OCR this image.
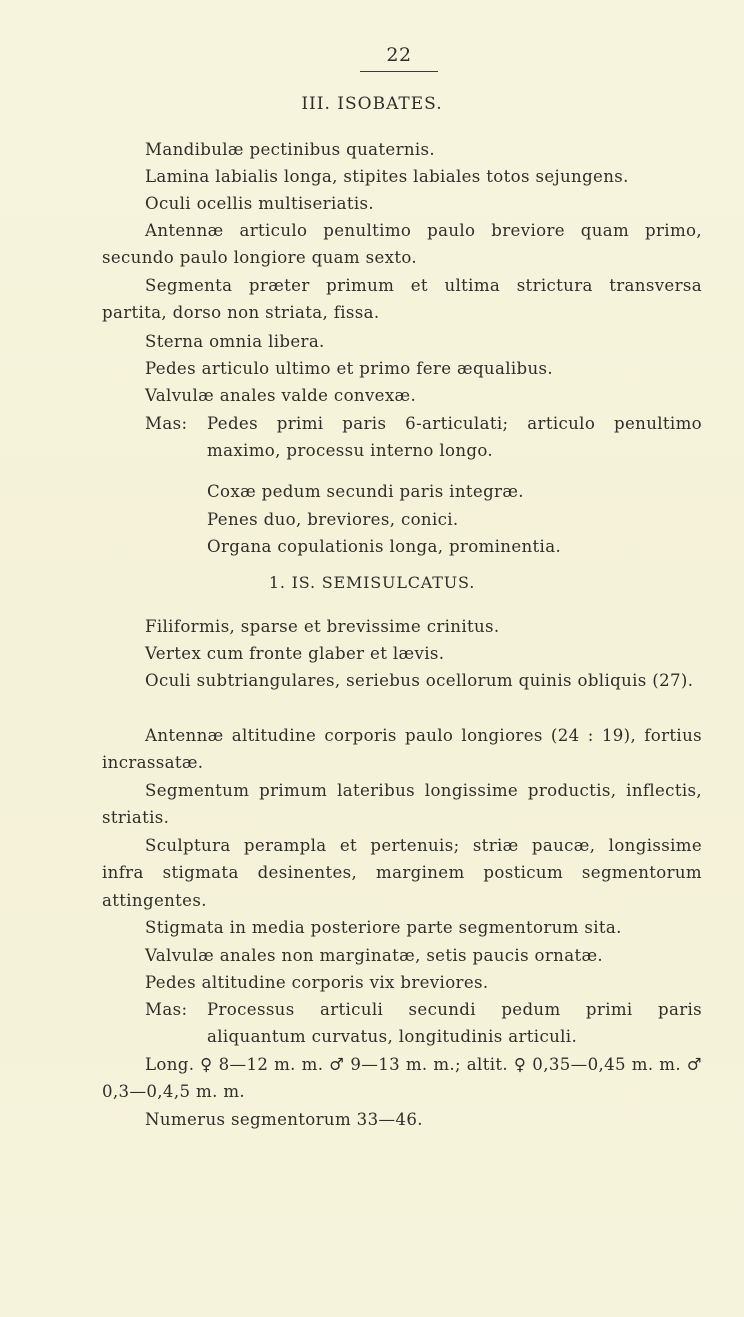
22
III. ISOBATES.

Mandibulæ pectinibus quaternis.

Lamina labialis longa, stipites labiales totos sejungens.

Oculi ocellis multiseriatis.

Antennæ articulo penultimo paulo breviore quam primo, secundo paulo longiore quam sexto.

Segmenta præter primum et ultima strictura transversa partita, dorso non striata, fissa.

Sterna omnia libera.

Pedes articulo ultimo et primo fere æqualibus.

Valvulæ anales valde convexæ.

Mas:	Pedes primi paris 6-articulati; articulo penultimo maximo, processu interno longo.

Coxæ pedum secundi paris integræ.

Penes duo, breviores, conici.

Organa copulationis longa, prominentia.

1. IS. SEMISULCATUS.

Filiformis, sparse et brevissime crinitus.

Vertex cum fronte glaber et lævis.

Oculi subtriangulares, seriebus ocellorum quinis obliquis (27).

Antennæ altitudine corporis paulo longiores (24 : 19), fortius incrassatæ.

Segmentum primum lateribus longissime productis, inflectis, striatis.

Sculptura perampla et pertenuis; striæ paucæ, longissime infra stigmata desinentes, marginem posticum segmentorum attingentes.

Stigmata in media posteriore parte segmentorum sita.

Valvulæ anales non marginatæ, setis paucis ornatæ.

Pedes altitudine corporis vix breviores.

Mas:	Processus articuli secundi pedum primi paris aliquantum curvatus, longitudinis articuli.

Long. ♀ 8—12 m. m. ♂ 9—13 m. m.; altit. ♀ 0,35—0,45 m. m. ♂ 0,3—0,4,5 m. m.

Numerus segmentorum 33—46.
